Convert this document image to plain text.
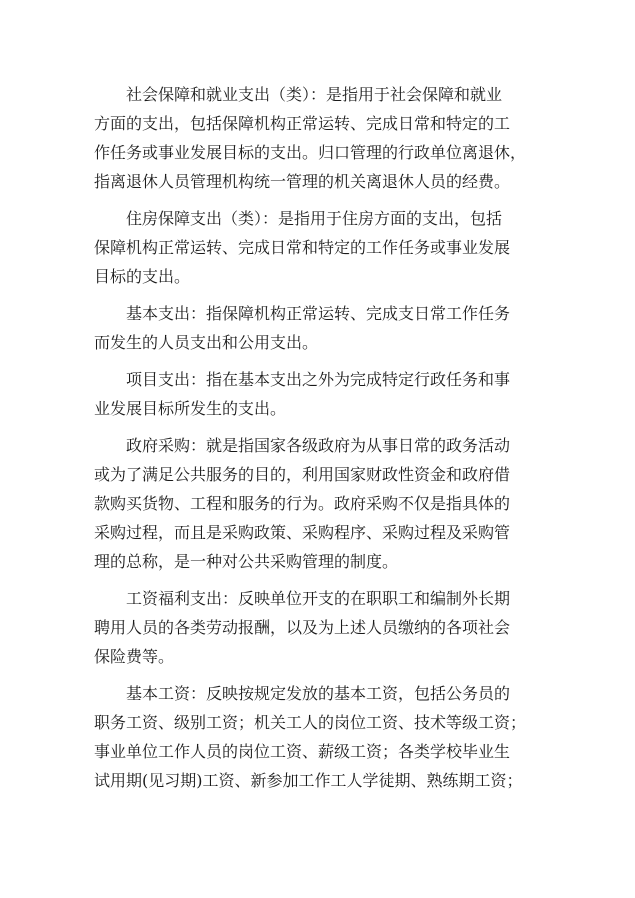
社会保障和就业支出（类）：是指用于社会保障和就业
方面的支出，包括保障机构正常运转、完成日常和特定的工
作任务或事业发展目标的支出。归口管理的行政单位离退休，
指离退休人员管理机构统一管理的机关离退休人员的经费。

住房保障支出（类）：是指用于住房方面的支出，包括
保障机构正常运转、完成日常和特定的工作任务或事业发展
目标的支出。

基本支出：指保障机构正常运转、完成支日常工作任务
而发生的人员支出和公用支出。

项目支出：指在基本支出之外为完成特定行政任务和事
业发展目标所发生的支出。

政府采购：就是指国家各级政府为从事日常的政务活动
或为了满足公共服务的目的，利用国家财政性资金和政府借
款购买货物、工程和服务的行为。政府采购不仅是指具体的
采购过程，而且是采购政策、采购程序、采购过程及采购管
理的总称，是一种对公共采购管理的制度。

工资福利支出：反映单位开支的在职职工和编制外长期
聘用人员的各类劳动报酬，以及为上述人员缴纳的各项社会
保险费等。

基本工资：反映按规定发放的基本工资，包括公务员的
职务工资、级别工资；机关工人的岗位工资、技术等级工资；
事业单位工作人员的岗位工资、薪级工资；各类学校毕业生
试用期(见习期)工资、新参加工作工人学徒期、熟练期工资；
